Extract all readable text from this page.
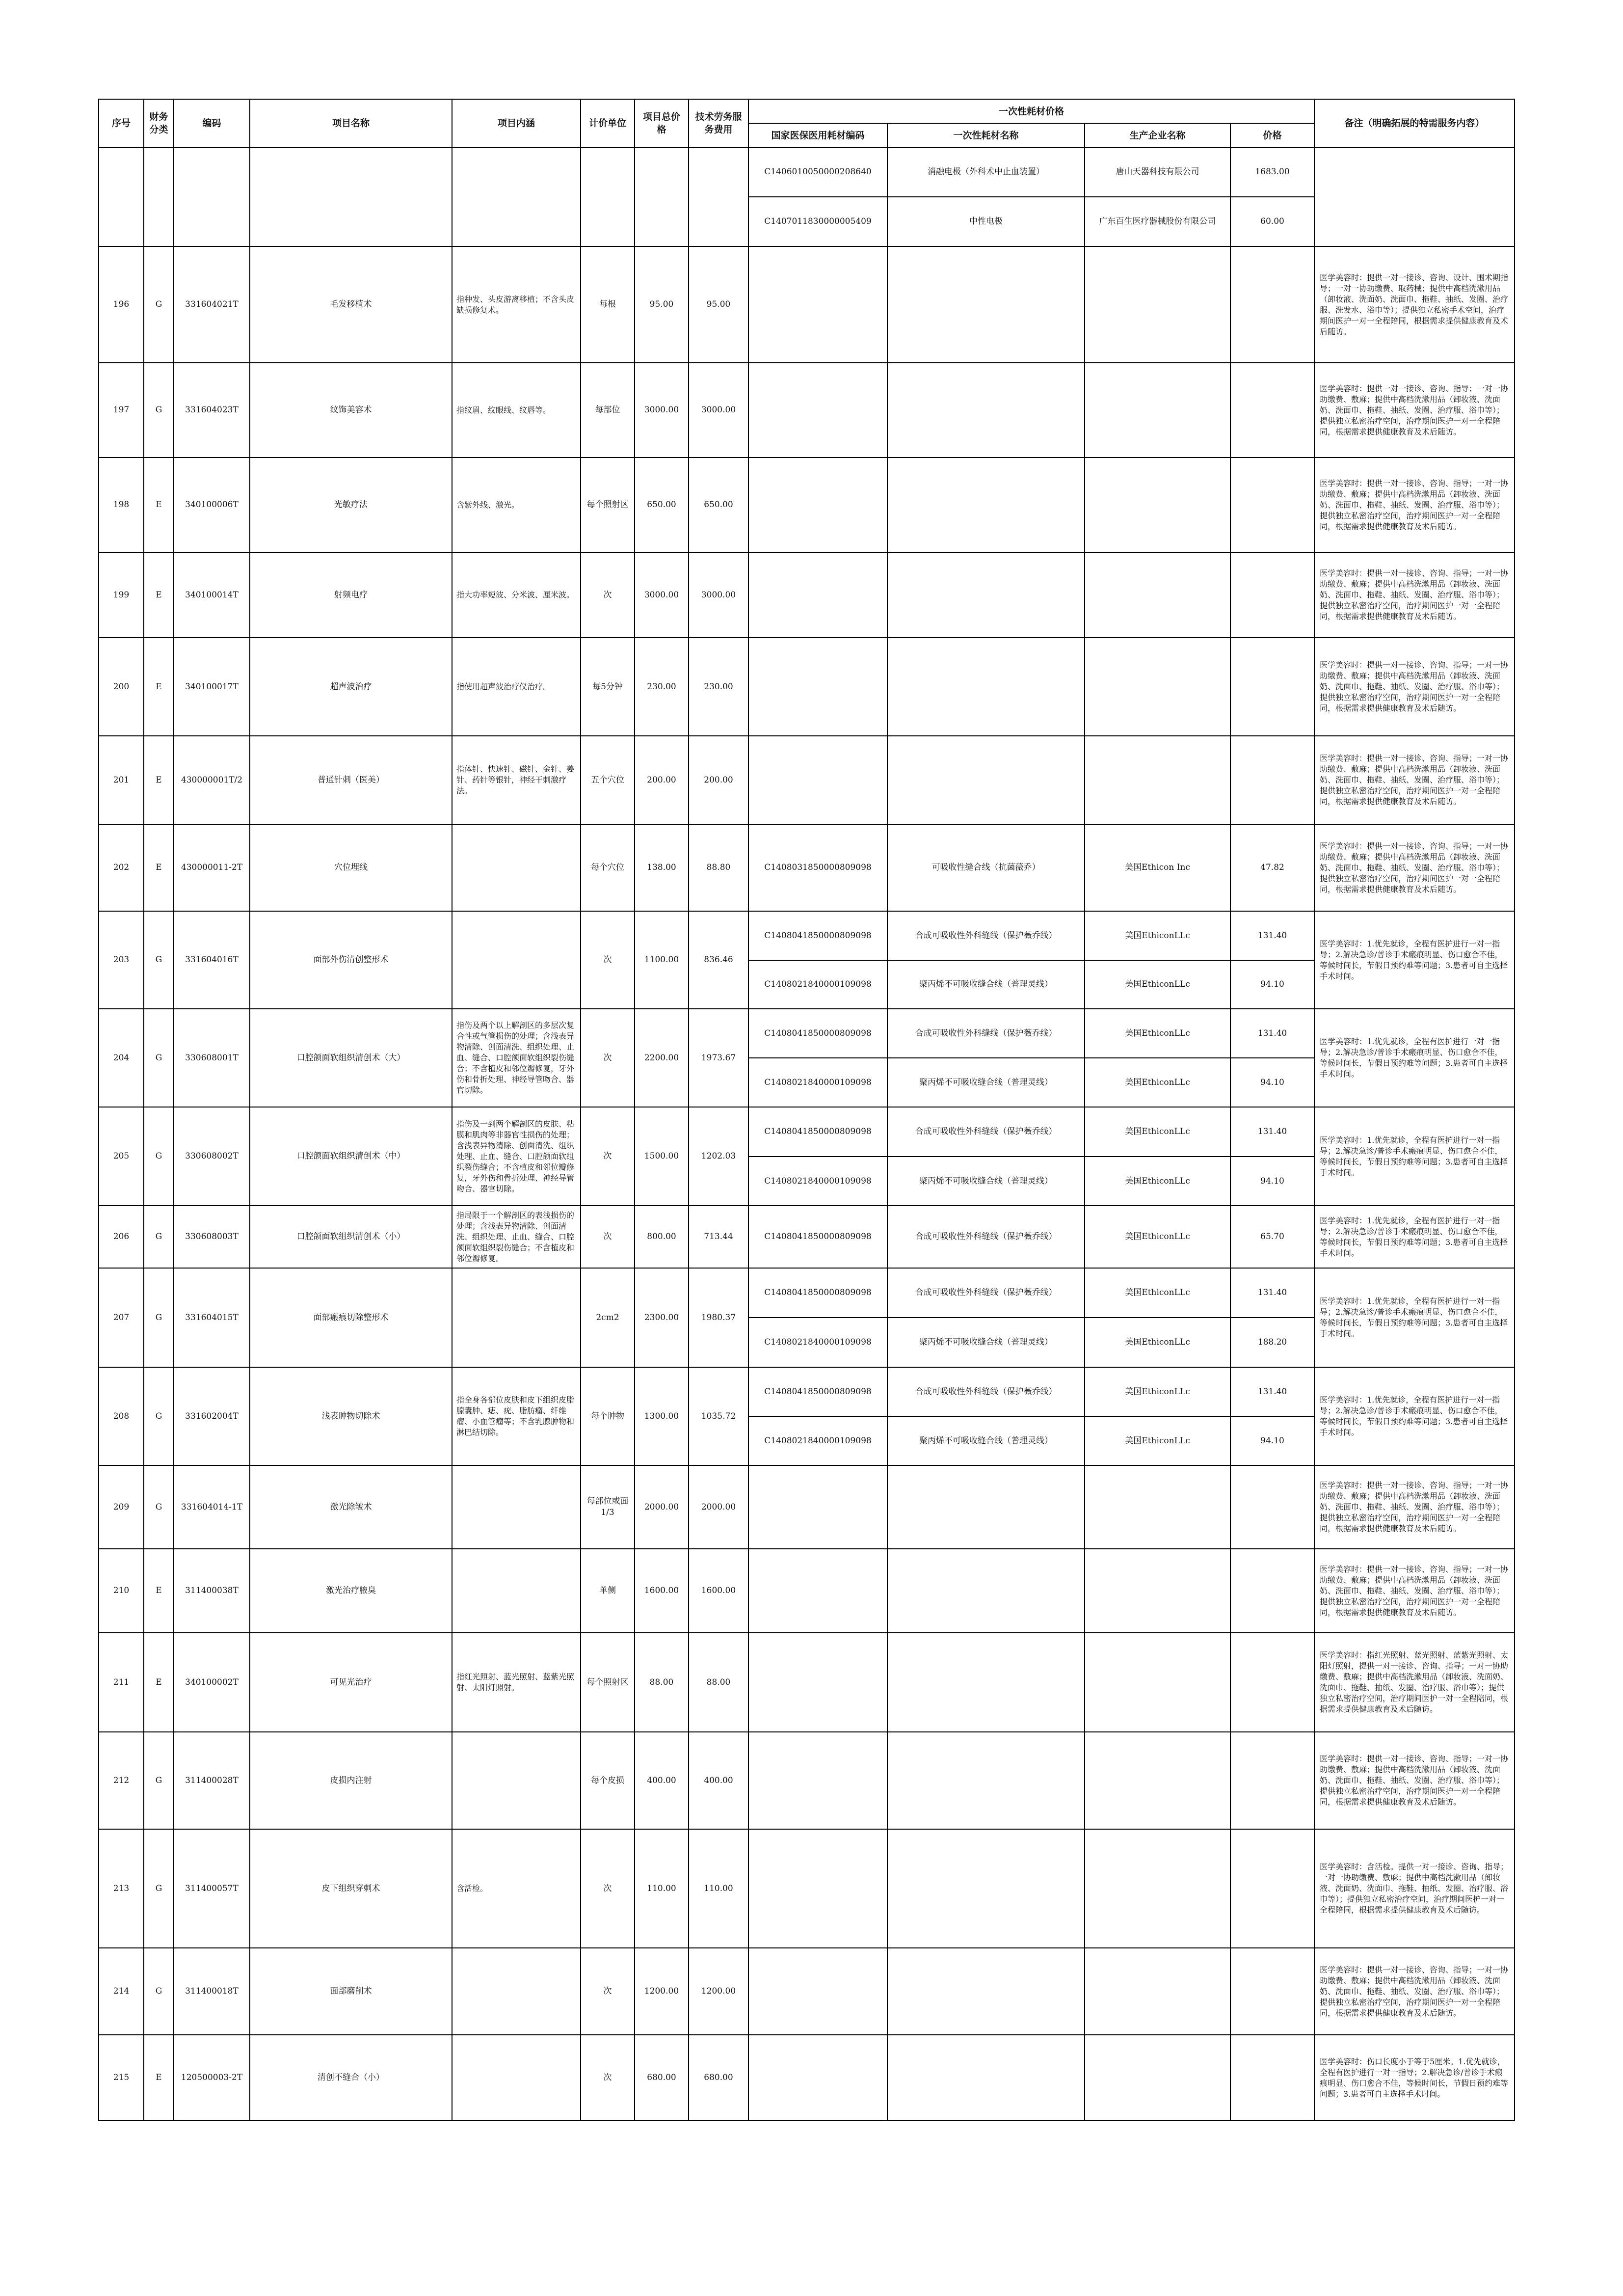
序号	财务分类	编码	项目名称	项目内涵	计价单位	项目总价格	技术劳务服务费用	一次性耗材价格				备注（明确拓展的特需服务内容）
								国家医保医用耗材编码	一次性耗材名称	生产企业名称	价格	
								C1406010050000208640	消融电极（外科术中止血装置）	唐山天器科技有限公司	1683.00	
								C1407011830000005409	中性电极	广东百生医疗器械股份有限公司	60.00	
196	G	331604021T	毛发移植术	指种发、头皮游离移植；不含头皮缺损修复术。	每根	95.00	95.00					医学美容时：提供一对一接诊、咨询、设计、围术期指导；一对一协助缴费、取药械；提供中高档洗漱用品（卸妆液、洗面奶、洗面巾、拖鞋、抽纸、发圈、治疗服、洗发水、浴巾等）；提供独立私密手术空间，治疗期间医护一对一全程陪同，根据需求提供健康教育及术后随访。
197	G	331604023T	纹饰美容术	指纹眉、纹眼线、纹唇等。	每部位	3000.00	3000.00					医学美容时：提供一对一接诊、咨询、指导；一对一协助缴费、敷麻；提供中高档洗漱用品（卸妆液、洗面奶、洗面巾、拖鞋、抽纸、发圈、治疗服、浴巾等）；提供独立私密治疗空间，治疗期间医护一对一全程陪同，根据需求提供健康教育及术后随访。
198	E	340100006T	光敏疗法	含紫外线、激光。	每个照射区	650.00	650.00					医学美容时：提供一对一接诊、咨询、指导；一对一协助缴费、敷麻；提供中高档洗漱用品（卸妆液、洗面奶、洗面巾、拖鞋、抽纸、发圈、治疗服、浴巾等）；提供独立私密治疗空间，治疗期间医护一对一全程陪同，根据需求提供健康教育及术后随访。
199	E	340100014T	射频电疗	指大功率短波、分米波、厘米波。	次	3000.00	3000.00					医学美容时：提供一对一接诊、咨询、指导；一对一协助缴费、敷麻；提供中高档洗漱用品（卸妆液、洗面奶、洗面巾、拖鞋、抽纸、发圈、治疗服、浴巾等）；提供独立私密治疗空间，治疗期间医护一对一全程陪同，根据需求提供健康教育及术后随访。
200	E	340100017T	超声波治疗	指使用超声波治疗仪治疗。	每5分钟	230.00	230.00					医学美容时：提供一对一接诊、咨询、指导；一对一协助缴费、敷麻；提供中高档洗漱用品（卸妆液、洗面奶、洗面巾、拖鞋、抽纸、发圈、治疗服、浴巾等）；提供独立私密治疗空间，治疗期间医护一对一全程陪同，根据需求提供健康教育及术后随访。
201	E	430000001T/2	普通针刺（医美）	指体针、快速针、磁针、金针、姜针、药针等银针，神经干刺激疗法。	五个穴位	200.00	200.00					医学美容时：提供一对一接诊、咨询、指导；一对一协助缴费、敷麻；提供中高档洗漱用品（卸妆液、洗面奶、洗面巾、拖鞋、抽纸、发圈、治疗服、浴巾等）；提供独立私密治疗空间，治疗期间医护一对一全程陪同，根据需求提供健康教育及术后随访。
202	E	430000011-2T	穴位埋线		每个穴位	138.00	88.80	C1408031850000809098	可吸收性缝合线（抗菌薇乔）	美国Ethicon Inc	47.82	医学美容时：提供一对一接诊、咨询、指导；一对一协助缴费、敷麻；提供中高档洗漱用品（卸妆液、洗面奶、洗面巾、拖鞋、抽纸、发圈、治疗服、浴巾等）；提供独立私密治疗空间，治疗期间医护一对一全程陪同，根据需求提供健康教育及术后随访。
203	G	331604016T	面部外伤清创整形术		次	1100.00	836.46	C1408041850000809098	合成可吸收性外科缝线（保护薇乔线）	美国EthiconLLc	131.40	医学美容时：1.优先就诊，全程有医护进行一对一指导；2.解决急诊/普诊手术瘢痕明显、伤口愈合不佳，等候时间长，节假日预约难等问题；3.患者可自主选择手术时间。
								C1408021840000109098	聚丙烯不可吸收缝合线（普理灵线）	美国EthiconLLc	94.10	
204	G	330608001T	口腔颌面软组织清创术（大）	指伤及两个以上解剖区的多层次复合性或气管损伤的处理；含浅表异物清除、创面清洗、组织处理、止血、缝合、口腔颌面软组织裂伤缝合；不含植皮和邻位瓣修复，牙外伤和骨折处理、神经导管吻合、器官切除。	次	2200.00	1973.67	C1408041850000809098	合成可吸收性外科缝线（保护薇乔线）	美国EthiconLLc	131.40	医学美容时：1.优先就诊，全程有医护进行一对一指导；2.解决急诊/普诊手术瘢痕明显、伤口愈合不佳，等候时间长，节假日预约难等问题；3.患者可自主选择手术时间。
								C1408021840000109098	聚丙烯不可吸收缝合线（普理灵线）	美国EthiconLLc	94.10	
205	G	330608002T	口腔颌面软组织清创术（中）	指伤及一到两个解剖区的皮肤、粘膜和肌肉等非器官性损伤的处理；含浅表异物清除、创面清洗、组织处理、止血、缝合、口腔颌面软组织裂伤缝合；不含植皮和邻位瓣修复，牙外伤和骨折处理、神经导管吻合、器官切除。	次	1500.00	1202.03	C1408041850000809098	合成可吸收性外科缝线（保护薇乔线）	美国EthiconLLc	131.40	医学美容时：1.优先就诊，全程有医护进行一对一指导；2.解决急诊/普诊手术瘢痕明显、伤口愈合不佳，等候时间长，节假日预约难等问题；3.患者可自主选择手术时间。
								C1408021840000109098	聚丙烯不可吸收缝合线（普理灵线）	美国EthiconLLc	94.10	
206	G	330608003T	口腔颌面软组织清创术（小）	指局限于一个解剖区的表浅损伤的处理；含浅表异物清除、创面清洗、组织处理、止血、缝合、口腔颌面软组织裂伤缝合；不含植皮和邻位瓣修复。	次	800.00	713.44	C1408041850000809098	合成可吸收性外科缝线（保护薇乔线）	美国EthiconLLc	65.70	医学美容时：1.优先就诊，全程有医护进行一对一指导；2.解决急诊/普诊手术瘢痕明显、伤口愈合不佳，等候时间长，节假日预约难等问题；3.患者可自主选择手术时间。
207	G	331604015T	面部瘢痕切除整形术		2cm2	2300.00	1980.37	C1408041850000809098	合成可吸收性外科缝线（保护薇乔线）	美国EthiconLLc	131.40	医学美容时：1.优先就诊，全程有医护进行一对一指导；2.解决急诊/普诊手术瘢痕明显、伤口愈合不佳，等候时间长，节假日预约难等问题；3.患者可自主选择手术时间。
								C1408021840000109098	聚丙烯不可吸收缝合线（普理灵线）	美国EthiconLLc	188.20	
208	G	331602004T	浅表肿物切除术	指全身各部位皮肤和皮下组织皮脂腺囊肿、痣、疣、脂肪瘤、纤维瘤、小血管瘤等；不含乳腺肿物和淋巴结切除。	每个肿物	1300.00	1035.72	C1408041850000809098	合成可吸收性外科缝线（保护薇乔线）	美国EthiconLLc	131.40	医学美容时：1.优先就诊，全程有医护进行一对一指导；2.解决急诊/普诊手术瘢痕明显、伤口愈合不佳，等候时间长，节假日预约难等问题；3.患者可自主选择手术时间。
								C1408021840000109098	聚丙烯不可吸收缝合线（普理灵线）	美国EthiconLLc	94.10	
209	G	331604014-1T	激光除皱术		每部位或面1/3	2000.00	2000.00					医学美容时：提供一对一接诊、咨询、指导；一对一协助缴费、敷麻；提供中高档洗漱用品（卸妆液、洗面奶、洗面巾、拖鞋、抽纸、发圈、治疗服、浴巾等）；提供独立私密治疗空间，治疗期间医护一对一全程陪同，根据需求提供健康教育及术后随访。
210	E	311400038T	激光治疗腋臭		单侧	1600.00	1600.00					医学美容时：提供一对一接诊、咨询、指导；一对一协助缴费、敷麻；提供中高档洗漱用品（卸妆液、洗面奶、洗面巾、拖鞋、抽纸、发圈、治疗服、浴巾等）；提供独立私密治疗空间，治疗期间医护一对一全程陪同，根据需求提供健康教育及术后随访。
211	E	340100002T	可见光治疗	指红光照射、蓝光照射、蓝紫光照射、太阳灯照射。	每个照射区	88.00	88.00					医学美容时：指红光照射、蓝光照射、蓝紫光照射、太阳灯照射，提供一对一接诊、咨询、指导；一对一协助缴费、敷麻；提供中高档洗漱用品（卸妆液、洗面奶、洗面巾、拖鞋、抽纸、发圈、治疗服、浴巾等）；提供独立私密治疗空间，治疗期间医护一对一全程陪同，根据需求提供健康教育及术后随访。
212	G	311400028T	皮损内注射		每个皮损	400.00	400.00					医学美容时：提供一对一接诊、咨询、指导；一对一协助缴费、敷麻；提供中高档洗漱用品（卸妆液、洗面奶、洗面巾、拖鞋、抽纸、发圈、治疗服、浴巾等）；提供独立私密治疗空间，治疗期间医护一对一全程陪同，根据需求提供健康教育及术后随访。
213	G	311400057T	皮下组织穿刺术	含活检。	次	110.00	110.00					医学美容时：含活检。提供一对一接诊、咨询、指导；一对一协助缴费、敷麻；提供中高档洗漱用品（卸妆液、洗面奶、洗面巾、拖鞋、抽纸、发圈、治疗服、浴巾等）；提供独立私密治疗空间，治疗期间医护一对一全程陪同，根据需求提供健康教育及术后随访。
214	G	311400018T	面部磨削术		次	1200.00	1200.00					医学美容时：提供一对一接诊、咨询、指导；一对一协助缴费、敷麻；提供中高档洗漱用品（卸妆液、洗面奶、洗面巾、拖鞋、抽纸、发圈、治疗服、浴巾等）；提供独立私密治疗空间，治疗期间医护一对一全程陪同，根据需求提供健康教育及术后随访。
215	E	120500003-2T	清创不缝合（小）		次	680.00	680.00					医学美容时：伤口长度小于等于5厘米。1.优先就诊，全程有医护进行一对一指导；2.解决急诊/普诊手术瘢痕明显、伤口愈合不佳，等候时间长，节假日预约难等问题；3.患者可自主选择手术时间。
